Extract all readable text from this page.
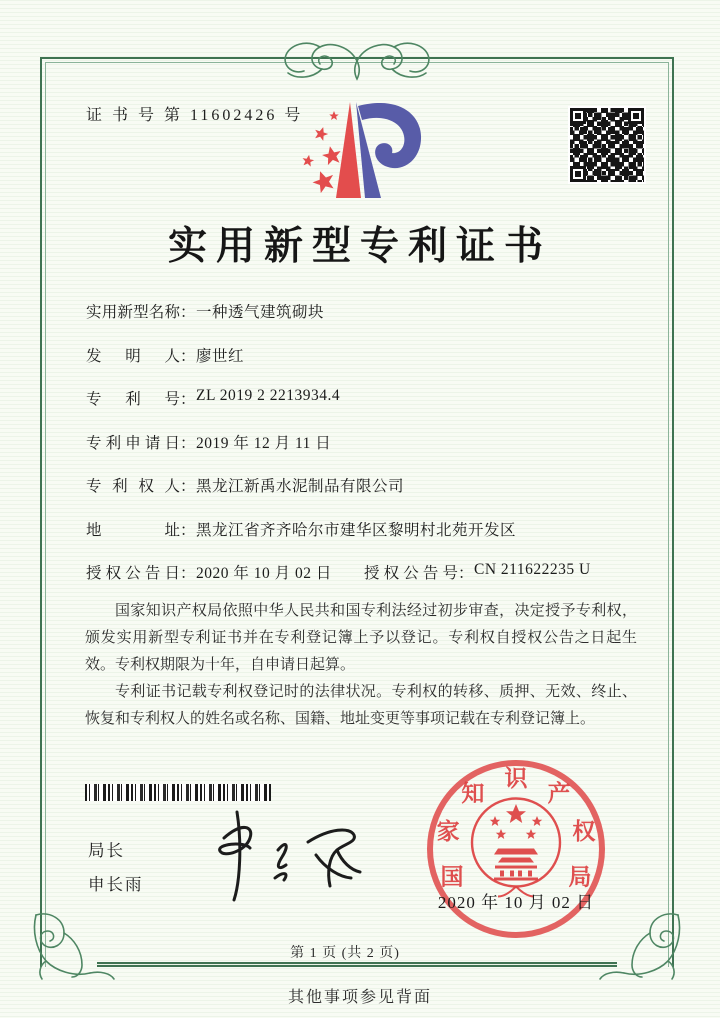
证 书 号 第 11602426 号
实用新型专利证书
实用新型名称：一种透气建筑砌块
发明人：廖世红
专利号：ZL 2019 2 2213934.4
专利申请日：2019 年 12 月 11 日
专利权人：黑龙江新禹水泥制品有限公司
地址：黑龙江省齐齐哈尔市建华区黎明村北苑开发区
授权公告日：2020 年 10 月 02 日 授权公告号：CN 211622235 U

国家知识产权局依照中华人民共和国专利法经过初步审查，决定授予专利权，颁发实用新型专利证书并在专利登记簿上予以登记。专利权自授权公告之日起生效。专利权期限为十年，自申请日起算。

专利证书记载专利权登记时的法律状况。专利权的转移、质押、无效、终止、恢复和专利权人的姓名或名称、国籍、地址变更等事项记载在专利登记簿上。

局长
申长雨	国
家
知
识
产
权
局
2020 年 10 月 02 日
第 1 页 (共 2 页)
其他事项参见背面
